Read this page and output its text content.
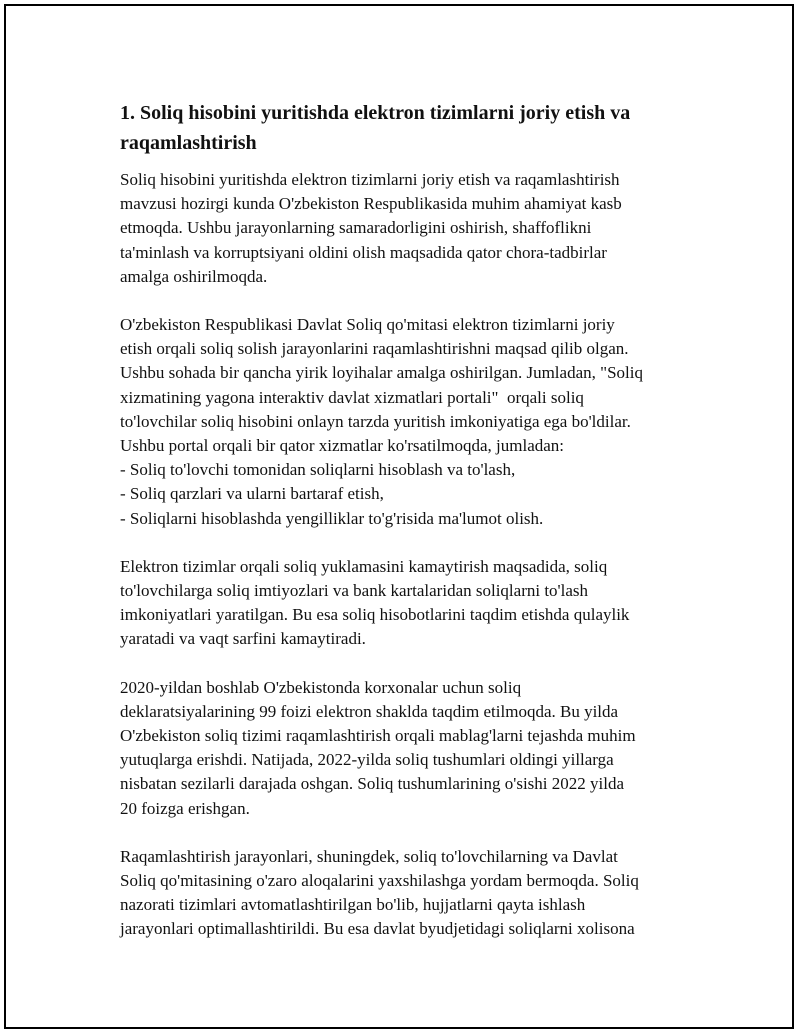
1. Soliq hisobini yuritishda elektron tizimlarni joriy etish va
raqamlashtirish

Soliq hisobini yuritishda elektron tizimlarni joriy etish va raqamlashtirish
mavzusi hozirgi kunda O'zbekiston Respublikasida muhim ahamiyat kasb
etmoqda. Ushbu jarayonlarning samaradorligini oshirish, shaffoflikni
ta'minlash va korruptsiyani oldini olish maqsadida qator chora-tadbirlar
amalga oshirilmoqda.

O'zbekiston Respublikasi Davlat Soliq qo'mitasi elektron tizimlarni joriy
etish orqali soliq solish jarayonlarini raqamlashtirishni maqsad qilib olgan.
Ushbu sohada bir qancha yirik loyihalar amalga oshirilgan. Jumladan, "Soliq
xizmatining yagona interaktiv davlat xizmatlari portali"  orqali soliq
to'lovchilar soliq hisobini onlayn tarzda yuritish imkoniyatiga ega bo'ldilar.
Ushbu portal orqali bir qator xizmatlar ko'rsatilmoqda, jumladan:
- Soliq to'lovchi tomonidan soliqlarni hisoblash va to'lash,
- Soliq qarzlari va ularni bartaraf etish,
- Soliqlarni hisoblashda yengilliklar to'g'risida ma'lumot olish.

Elektron tizimlar orqali soliq yuklamasini kamaytirish maqsadida, soliq
to'lovchilarga soliq imtiyozlari va bank kartalaridan soliqlarni to'lash
imkoniyatlari yaratilgan. Bu esa soliq hisobotlarini taqdim etishda qulaylik
yaratadi va vaqt sarfini kamaytiradi.

2020-yildan boshlab O'zbekistonda korxonalar uchun soliq
deklaratsiyalarining 99 foizi elektron shaklda taqdim etilmoqda. Bu yilda
O'zbekiston soliq tizimi raqamlashtirish orqali mablag'larni tejashda muhim
yutuqlarga erishdi. Natijada, 2022-yilda soliq tushumlari oldingi yillarga
nisbatan sezilarli darajada oshgan. Soliq tushumlarining o'sishi 2022 yilda
20 foizga erishgan.

Raqamlashtirish jarayonlari, shuningdek, soliq to'lovchilarning va Davlat
Soliq qo'mitasining o'zaro aloqalarini yaxshilashga yordam bermoqda. Soliq
nazorati tizimlari avtomatlashtirilgan bo'lib, hujjatlarni qayta ishlash
jarayonlari optimallashtirildi. Bu esa davlat byudjetidagi soliqlarni xolisona
